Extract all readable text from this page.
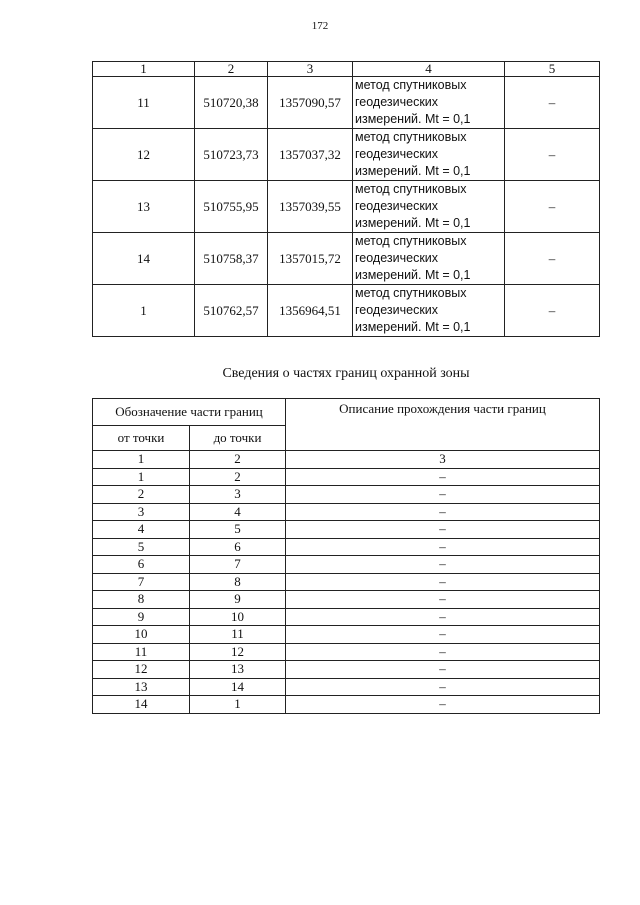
172
1	2	3	4	5
11	510720,38	1357090,57	метод спутниковых
геодезических
измерений. Mt = 0,1	–
12	510723,73	1357037,32	метод спутниковых
геодезических
измерений. Mt = 0,1	–
13	510755,95	1357039,55	метод спутниковых
геодезических
измерений. Mt = 0,1	–
14	510758,37	1357015,72	метод спутниковых
геодезических
измерений. Mt = 0,1	–
1	510762,57	1356964,51	метод спутниковых
геодезических
измерений. Mt = 0,1	–
Сведения о частях границ охранной зоны
Обозначение части границ		Описание прохождения части границ
от точки	до точки	
1	2	3
1	2	–
2	3	–
3	4	–
4	5	–
5	6	–
6	7	–
7	8	–
8	9	–
9	10	–
10	11	–
11	12	–
12	13	–
13	14	–
14	1	–
